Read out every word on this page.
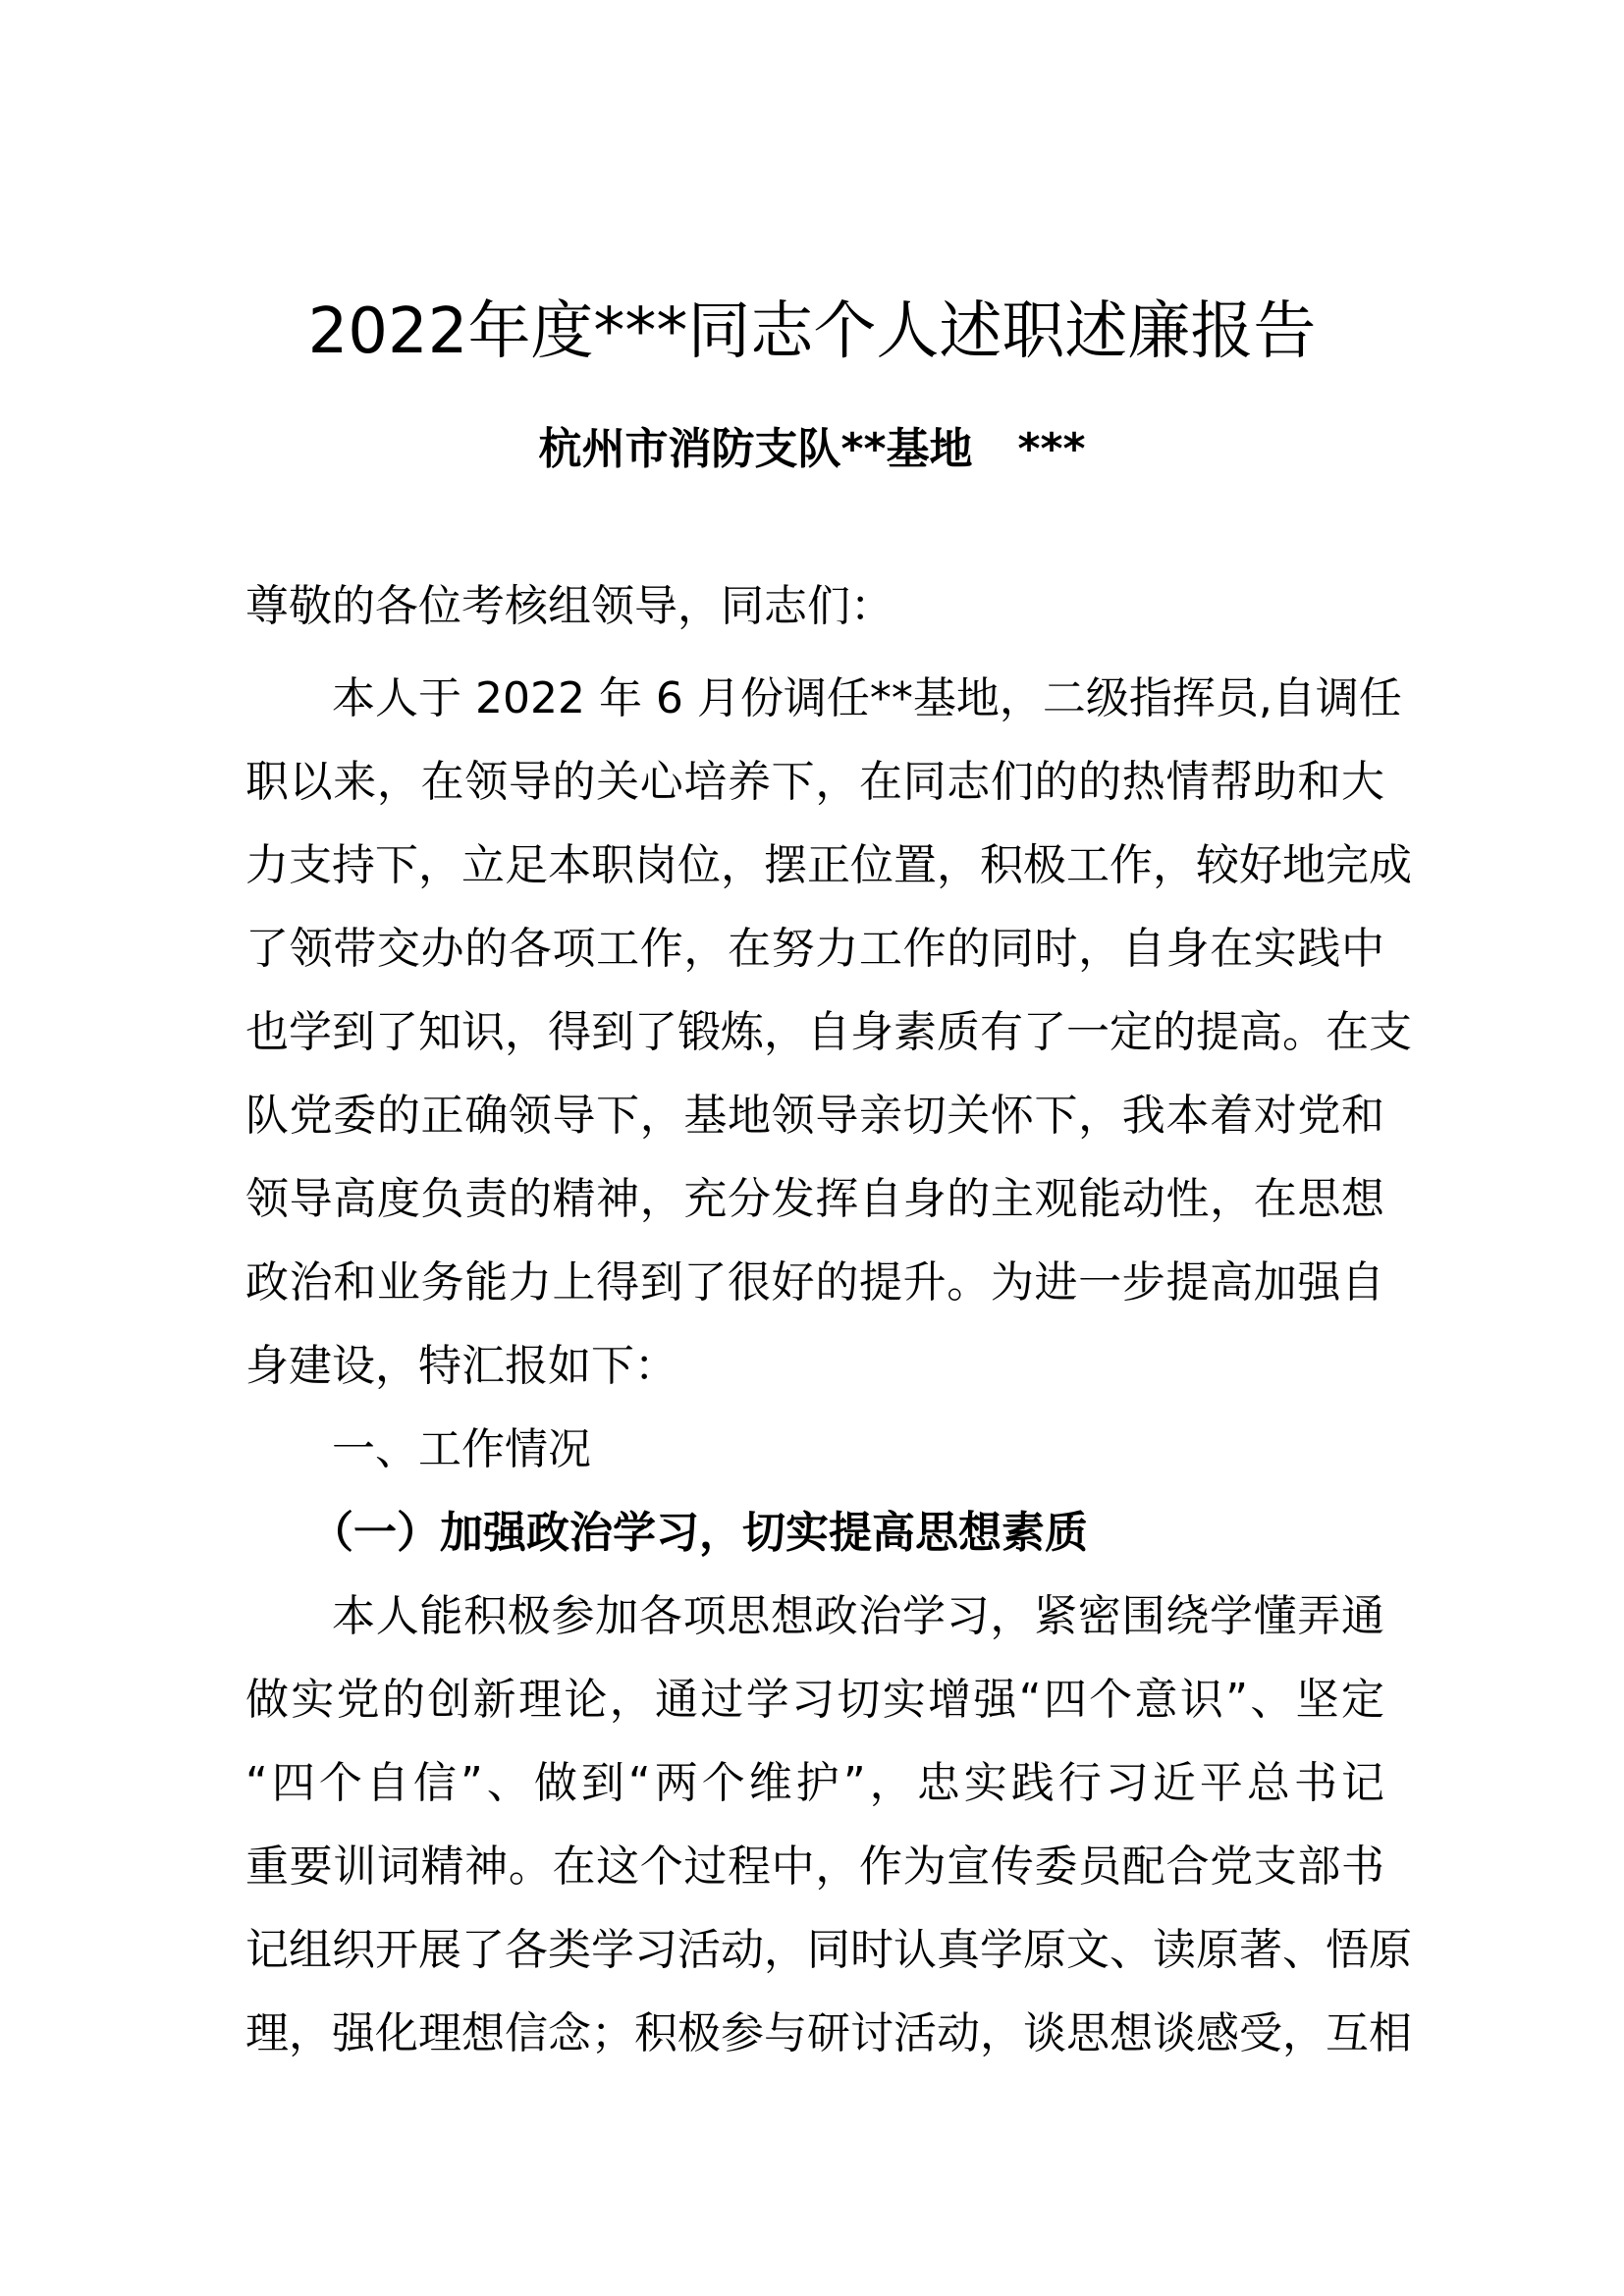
2022年度***同志个人述职述廉报告
杭州市消防支队**基地   ***
尊敬的各位考核组领导，同志们：
本人于 2022 年 6 月份调任**基地，二级指挥员,自调任
职以来，在领导的关心培养下，在同志们的的热情帮助和大
力支持下，立足本职岗位，摆正位置，积极工作，较好地完成
了领带交办的各项工作，在努力工作的同时，自身在实践中
也学到了知识，得到了锻炼，自身素质有了一定的提高。在支
队党委的正确领导下，基地领导亲切关怀下，我本着对党和
领导高度负责的精神，充分发挥自身的主观能动性，在思想
政治和业务能力上得到了很好的提升。为进一步提高加强自
身建设，特汇报如下：
一、工作情况
（一）加强政治学习，切实提高思想素质
本人能积极参加各项思想政治学习，紧密围绕学懂弄通
做实党的创新理论，通过学习切实增强“四个意识”、坚定
“四个自信”、做到“两个维护”，忠实践行习近平总书记
重要训词精神。在这个过程中，作为宣传委员配合党支部书
记组织开展了各类学习活动，同时认真学原文、读原著、悟原
理，强化理想信念；积极参与研讨活动，谈思想谈感受，互相
